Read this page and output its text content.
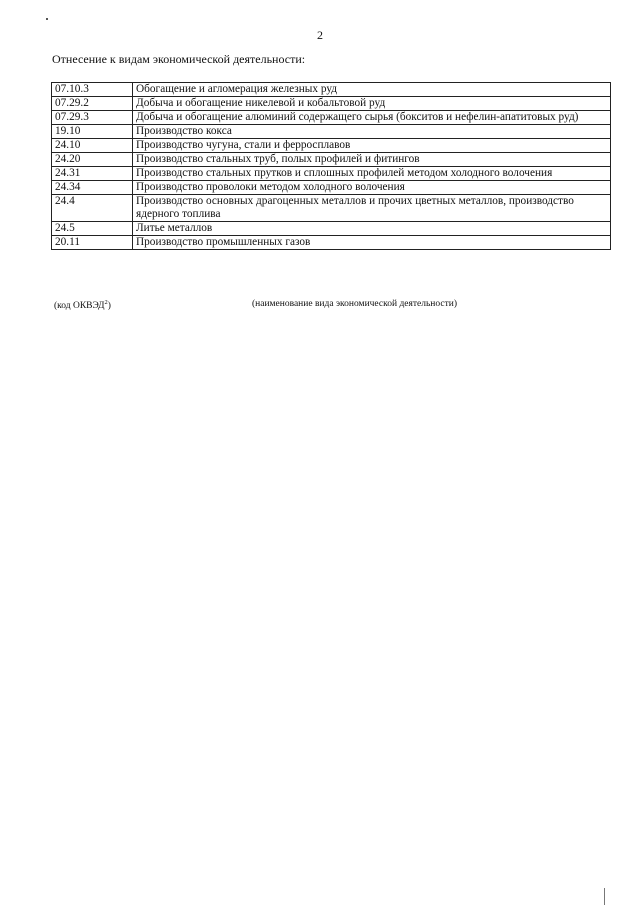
2
Отнесение к видам экономической деятельности:
07.10.3	Обогащение и агломерация железных руд
07.29.2	Добыча и обогащение никелевой и кобальтовой руд
07.29.3	Добыча и обогащение алюминий содержащего сырья (бокситов и нефелин-апатитовых руд)
19.10	Производство кокса
24.10	Производство чугуна, стали и ферросплавов
24.20	Производство стальных труб, полых профилей и фитингов
24.31	Производство стальных прутков и сплошных профилей методом холодного волочения
24.34	Производство проволоки методом холодного волочения
24.4	Производство основных драгоценных металлов и прочих цветных металлов, производство ядерного топлива
24.5	Литье металлов
20.11	Производство промышленных газов
(код ОКВЭД$^2$)	(наименование вида экономической деятельности)
